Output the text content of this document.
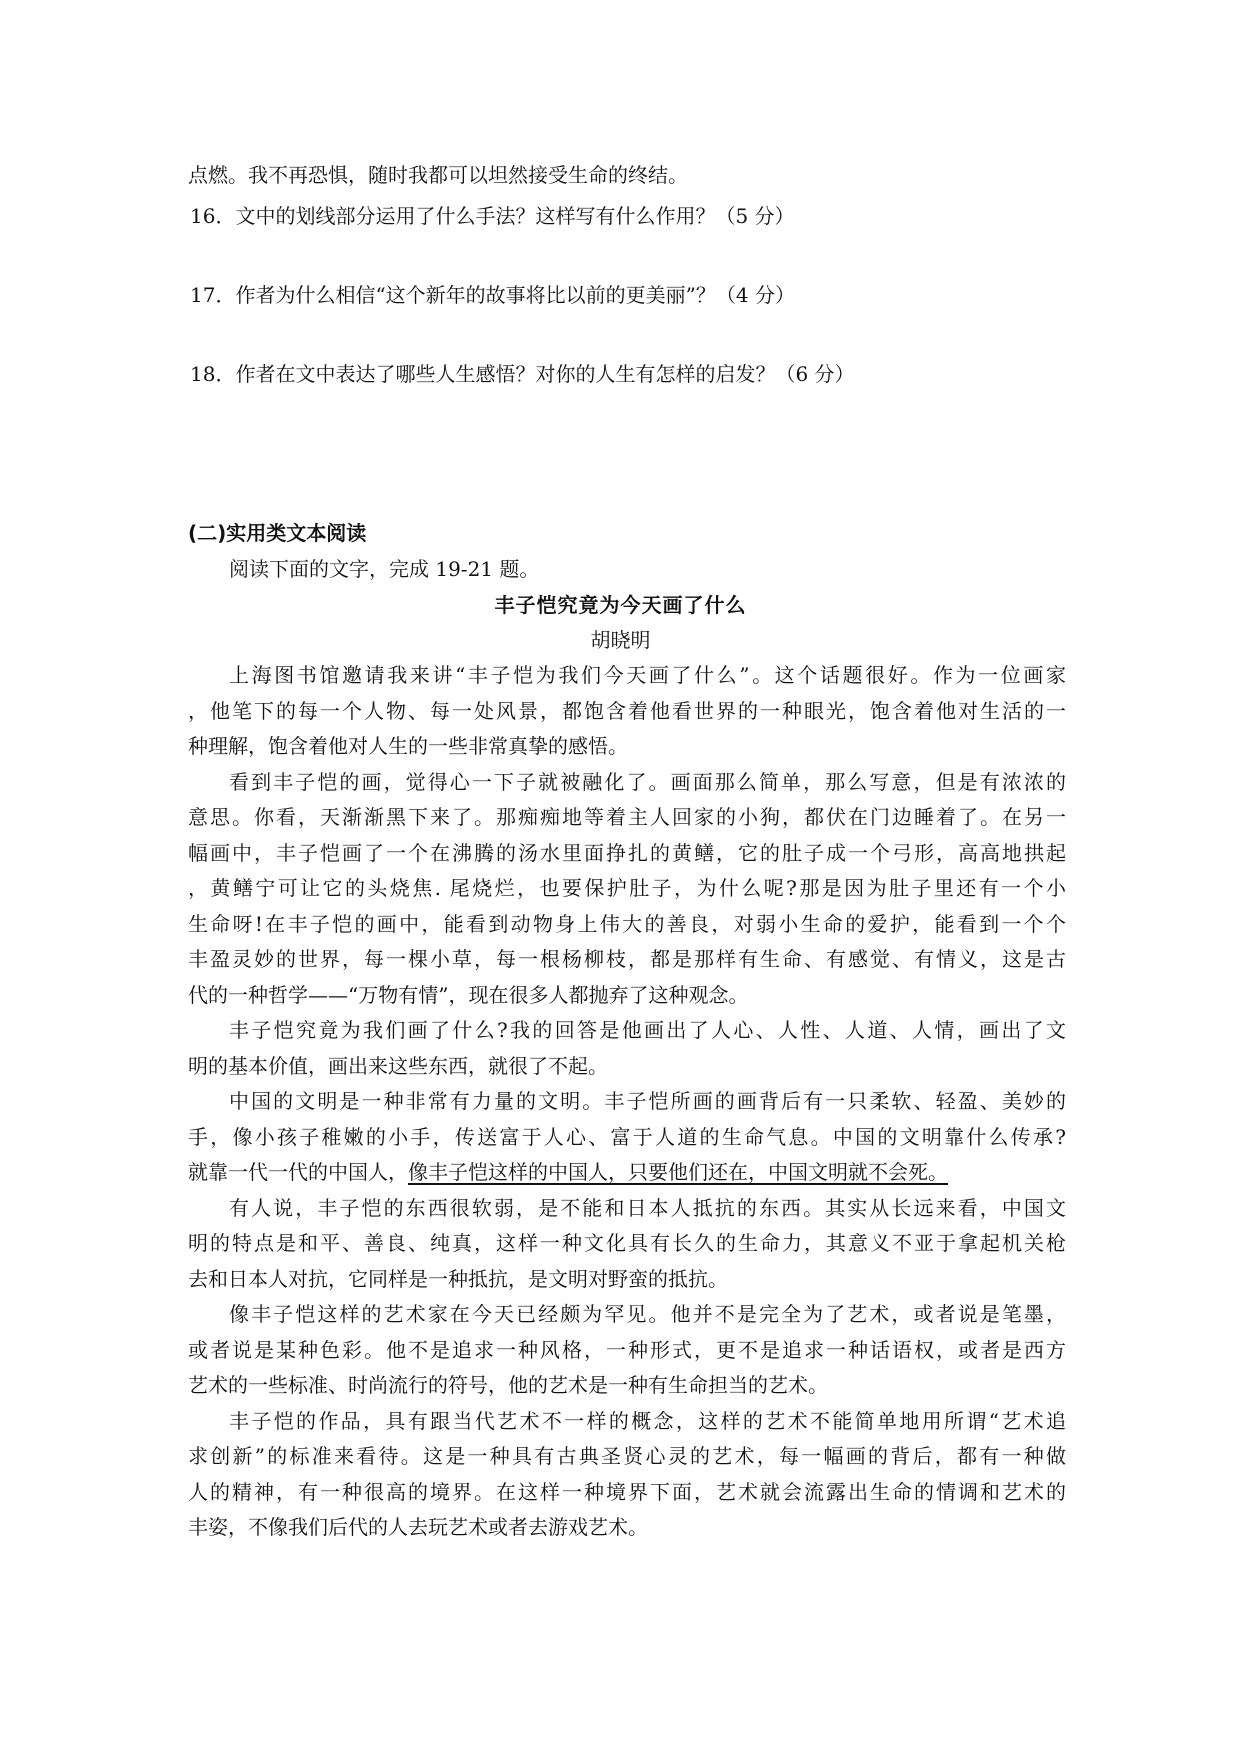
点燃。我不再恐惧，随时我都可以坦然接受生命的终结。
16．文中的划线部分运用了什么手法？这样写有什么作用？（5 分）
17．作者为什么相信“这个新年的故事将比以前的更美丽”？（4 分）
18．作者在文中表达了哪些人生感悟？对你的人生有怎样的启发？（6 分）
(二)实用类文本阅读
阅读下面的文字，完成 19-21 题。
丰子恺究竟为今天画了什么
胡晓明
上海图书馆邀请我来讲“丰子恺为我们今天画了什么”。这个话题很好。作为一位画家
，他笔下的每一个人物、每一处风景，都饱含着他看世界的一种眼光，饱含着他对生活的一
种理解，饱含着他对人生的一些非常真挚的感悟。
看到丰子恺的画，觉得心一下子就被融化了。画面那么简单，那么写意，但是有浓浓的
意思。你看，天渐渐黑下来了。那痴痴地等着主人回家的小狗，都伏在门边睡着了。在另一
幅画中，丰子恺画了一个在沸腾的汤水里面挣扎的黄鳝，它的肚子成一个弓形，高高地拱起
，黄鳝宁可让它的头烧焦. 尾烧烂，也要保护肚子，为什么呢?那是因为肚子里还有一个小
生命呀!在丰子恺的画中，能看到动物身上伟大的善良，对弱小生命的爱护，能看到一个个
丰盈灵妙的世界，每一棵小草，每一根杨柳枝，都是那样有生命、有感觉、有情义，这是古
代的一种哲学——“万物有情”，现在很多人都抛弃了这种观念。
丰子恺究竟为我们画了什么?我的回答是他画出了人心、人性、人道、人情，画出了文
明的基本价值，画出来这些东西，就很了不起。
中国的文明是一种非常有力量的文明。丰子恺所画的画背后有一只柔软、轻盈、美妙的
手，像小孩子稚嫩的小手，传送富于人心、富于人道的生命气息。中国的文明靠什么传承?
就靠一代一代的中国人，像丰子恺这样的中国人，只要他们还在，中国文明就不会死。
有人说，丰子恺的东西很软弱，是不能和日本人抵抗的东西。其实从长远来看，中国文
明的特点是和平、善良、纯真，这样一种文化具有长久的生命力，其意义不亚于拿起机关枪
去和日本人对抗，它同样是一种抵抗，是文明对野蛮的抵抗。
像丰子恺这样的艺术家在今天已经颇为罕见。他并不是完全为了艺术，或者说是笔墨，
或者说是某种色彩。他不是追求一种风格，一种形式，更不是追求一种话语权，或者是西方
艺术的一些标准、时尚流行的符号，他的艺术是一种有生命担当的艺术。
丰子恺的作品，具有跟当代艺术不一样的概念，这样的艺术不能简单地用所谓“艺术追
求创新”的标准来看待。这是一种具有古典圣贤心灵的艺术，每一幅画的背后，都有一种做
人的精神，有一种很高的境界。在这样一种境界下面，艺术就会流露出生命的情调和艺术的
丰姿，不像我们后代的人去玩艺术或者去游戏艺术。
